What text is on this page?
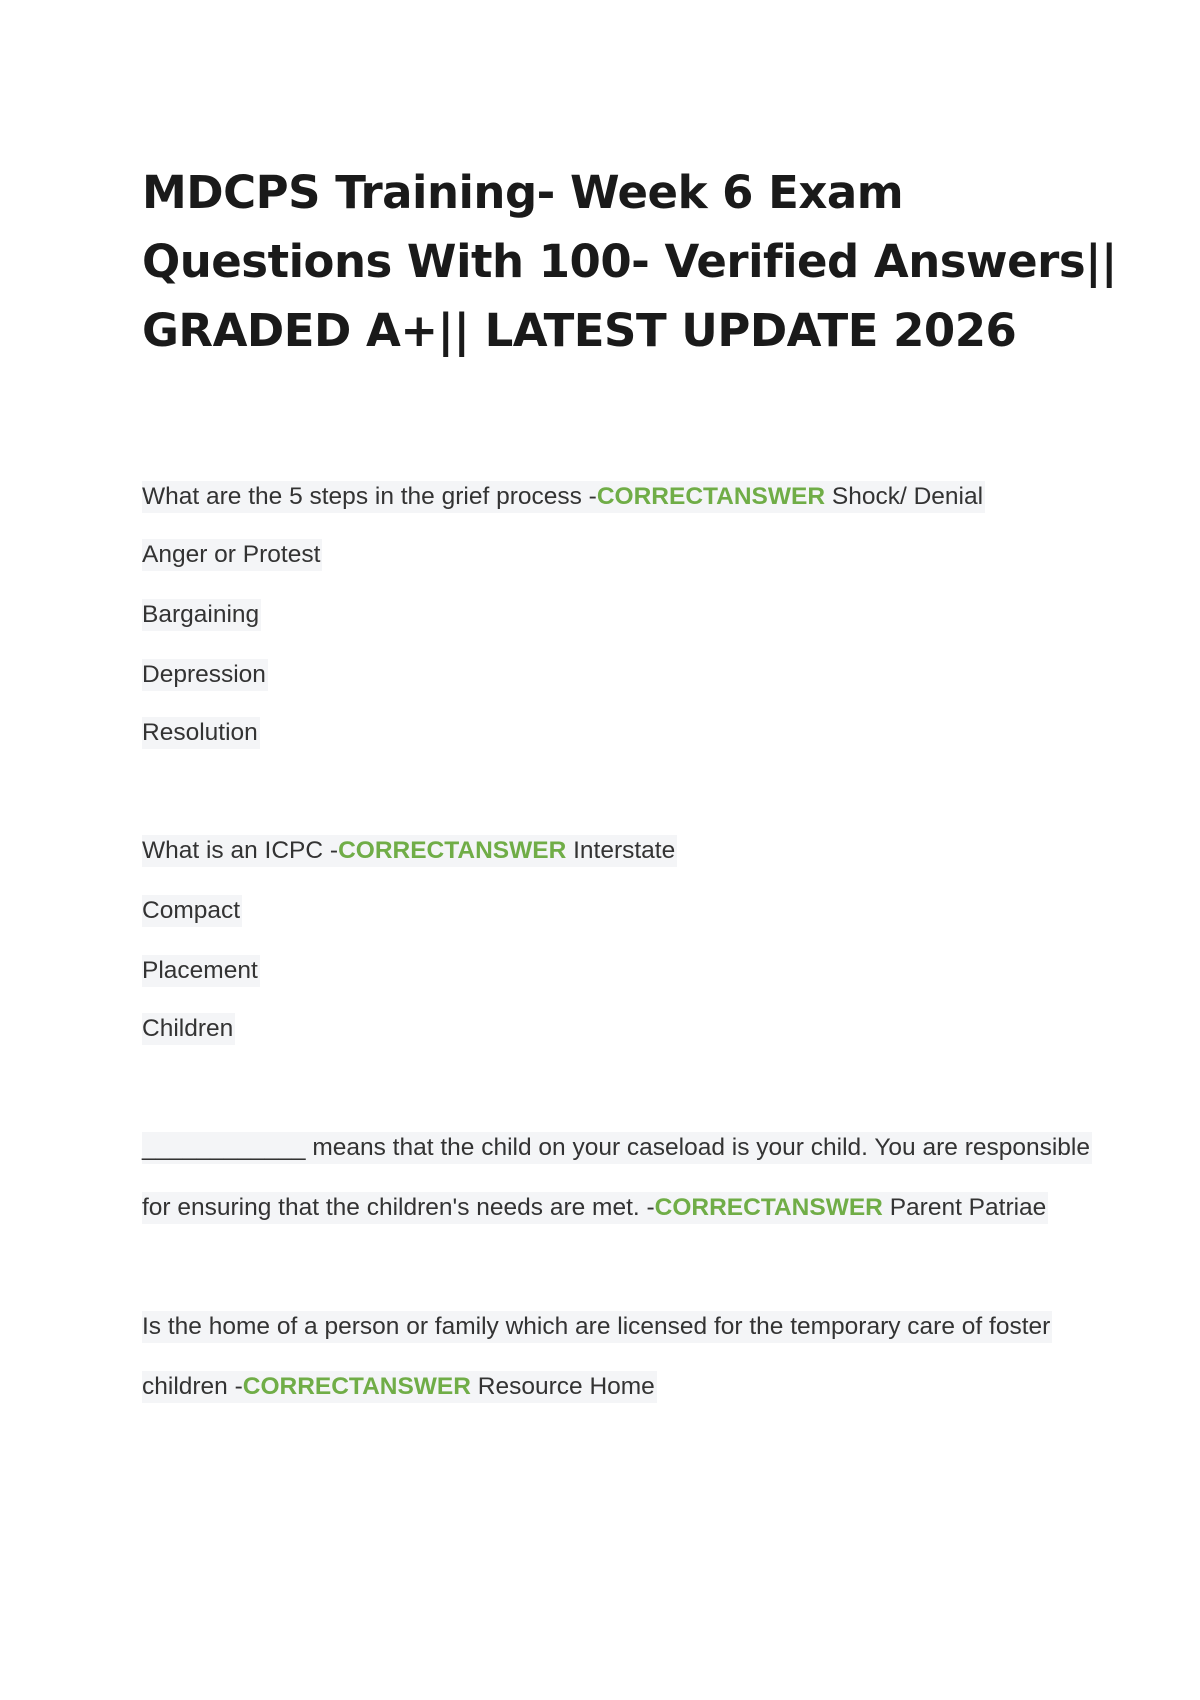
MDCPS Training- Week 6 Exam
Questions With 100- Verified Answers||
GRADED A+|| LATEST UPDATE 2026
What are the 5 steps in the grief process -CORRECTANSWER Shock/ Denial
Anger or Protest
Bargaining
Depression
Resolution
What is an ICPC -CORRECTANSWER Interstate
Compact
Placement
Children
____________ means that the child on your caseload is your child. You are responsible
for ensuring that the children's needs are met. -CORRECTANSWER Parent Patriae
Is the home of a person or family which are licensed for the temporary care of foster
children -CORRECTANSWER Resource Home
